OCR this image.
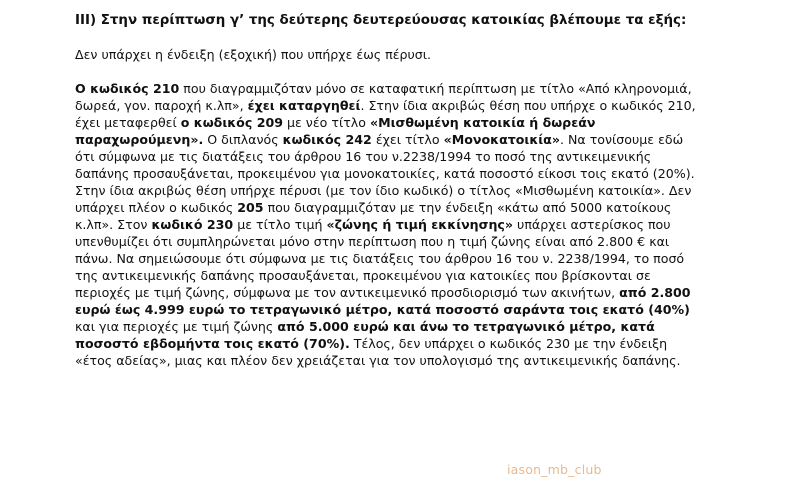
III) Στην περίπτωση γ’ της δεύτερης δευτερεύουσας κατοικίας βλέπουμε τα εξής:

Δεν υπάρχει η ένδειξη (εξοχική) που υπήρχε έως πέρυσι.

Ο κωδικός 210 που διαγραμμιζόταν μόνο σε καταφατική περίπτωση με τίτλο «Από κληρονομιά, δωρεά, γον. παροχή κ.λπ», έχει καταργηθεί. Στην ίδια ακριβώς θέση που υπήρχε ο κωδικός 210, έχει μεταφερθεί ο κωδικός 209 με νέο τίτλο «Μισθωμένη κατοικία ή δωρεάν παραχωρούμενη». Ο διπλανός κωδικός 242 έχει τίτλο «Μονοκατοικία». Να τονίσουμε εδώ ότι σύμφωνα με τις διατάξεις του άρθρου 16 του ν.2238/1994 το ποσό της αντικειμενικής δαπάνης προσαυξάνεται, προκειμένου για μονοκατοικίες, κατά ποσοστό είκοσι τοις εκατό (20%). Στην ίδια ακριβώς θέση υπήρχε πέρυσι (με τον ίδιο κωδικό) ο τίτλος «Μισθωμένη κατοικία». Δεν υπάρχει πλέον ο κωδικός 205 που διαγραμμιζόταν με την ένδειξη «κάτω από 5000 κατοίκους κ.λπ». Στον κωδικό 230 με τίτλο τιμή «ζώνης ή τιμή εκκίνησης» υπάρχει αστερίσκος που υπενθυμίζει ότι συμπληρώνεται μόνο στην περίπτωση που η τιμή ζώνης είναι από 2.800 € και πάνω. Να σημειώσουμε ότι σύμφωνα με τις διατάξεις του άρθρου 16 του ν. 2238/1994, το ποσό της αντικειμενικής δαπάνης προσαυξάνεται, προκειμένου για κατοικίες που βρίσκονται σε περιοχές με τιμή ζώνης, σύμφωνα με τον αντικειμενικό προσδιορισμό των ακινήτων, από 2.800 ευρώ έως 4.999 ευρώ το τετραγωνικό μέτρο, κατά ποσοστό σαράντα τοις εκατό (40%) και για περιοχές με τιμή ζώνης από 5.000 ευρώ και άνω το τετραγωνικό μέτρο, κατά ποσοστό εβδομήντα τοις εκατό (70%). Τέλος, δεν υπάρχει ο κωδικός 230 με την ένδειξη «έτος αδείας», μιας και πλέον δεν χρειάζεται για τον υπολογισμό της αντικειμενικής δαπάνης.

iason_mb_club
